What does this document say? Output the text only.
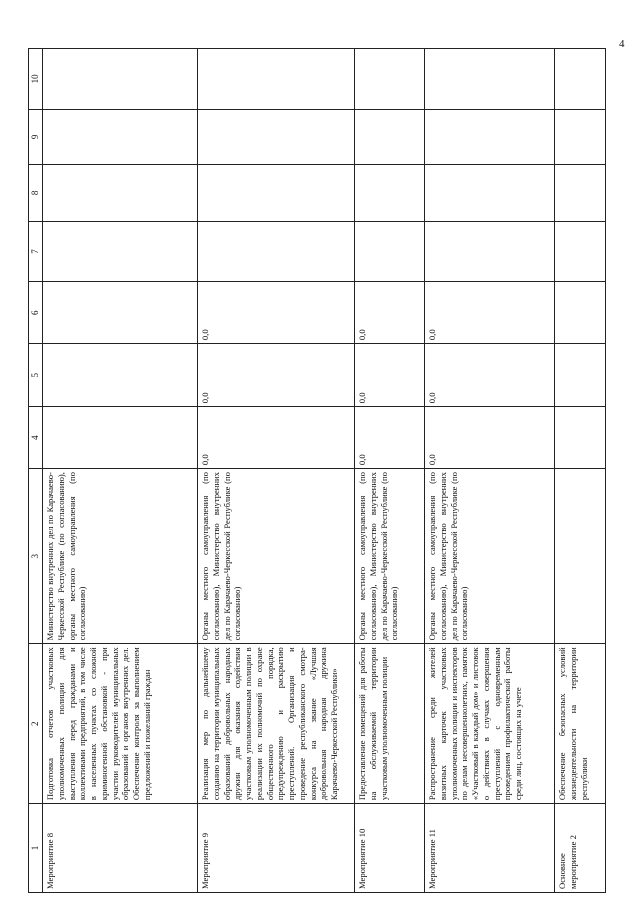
4
1	2	3	4	5	6	7	8	9	10
Мероприятие 8	Подготовка отчетов участковых уполномоченных полиции для выступления перед гражданами и коллективами предприятий, в том числе в населенных пунктах со сложной криминогенной обстановкой - при участии руководителей муниципальных образований и органов внутренних дел. Обеспечение контроля за выполнением предложений и пожеланий граждан	Министерство внутренних дел по Карачаево-Черкесской Республике (по согласованию), органы местного самоуправления (по согласованию)							
Мероприятие 9	Реализация мер по дальнейшему созданию на территории муниципальных образований добровольных народных дружин для оказания содействия участковым уполномоченным полиции в реализации их полномочий по охране общественного порядка, предупреждению и раскрытию преступлений. Организация и проведение республиканского смотра-конкурса на звание «Лучшая добровольная народная дружина Карачаево-Черкесской Республики»	Органы местного самоуправления (по согласованию), Министерство внутренних дел по Карачаево-Черкесской Республике (по согласованию)	0,0	0,0	0,0				
Мероприятие 10	Предоставление помещений для работы на обслуживаемой территории участковым уполномоченным полиции	Органы местного самоуправления (по согласованию), Министерство внутренних дел по Карачаево-Черкесской Республике (по согласованию)	0,0	0,0	0,0				
Мероприятие 11	Распространение среди жителей визитных карточек участковых уполномоченных полиции и инспекторов по делам несовершеннолетних, памяток «Участковый в каждый дом» и листовок о действиях в случаях совершения преступлений с одновременным проведением профилактической работы среди лиц, состоящих на учете	Органы местного самоуправления (по согласованию), Министерство внутренних дел по Карачаево-Черкесской Республике (по согласованию)	0,0	0,0	0,0				
Основное мероприятие 2	Обеспечение безопасных условий жизнедеятельности на территории республики								
